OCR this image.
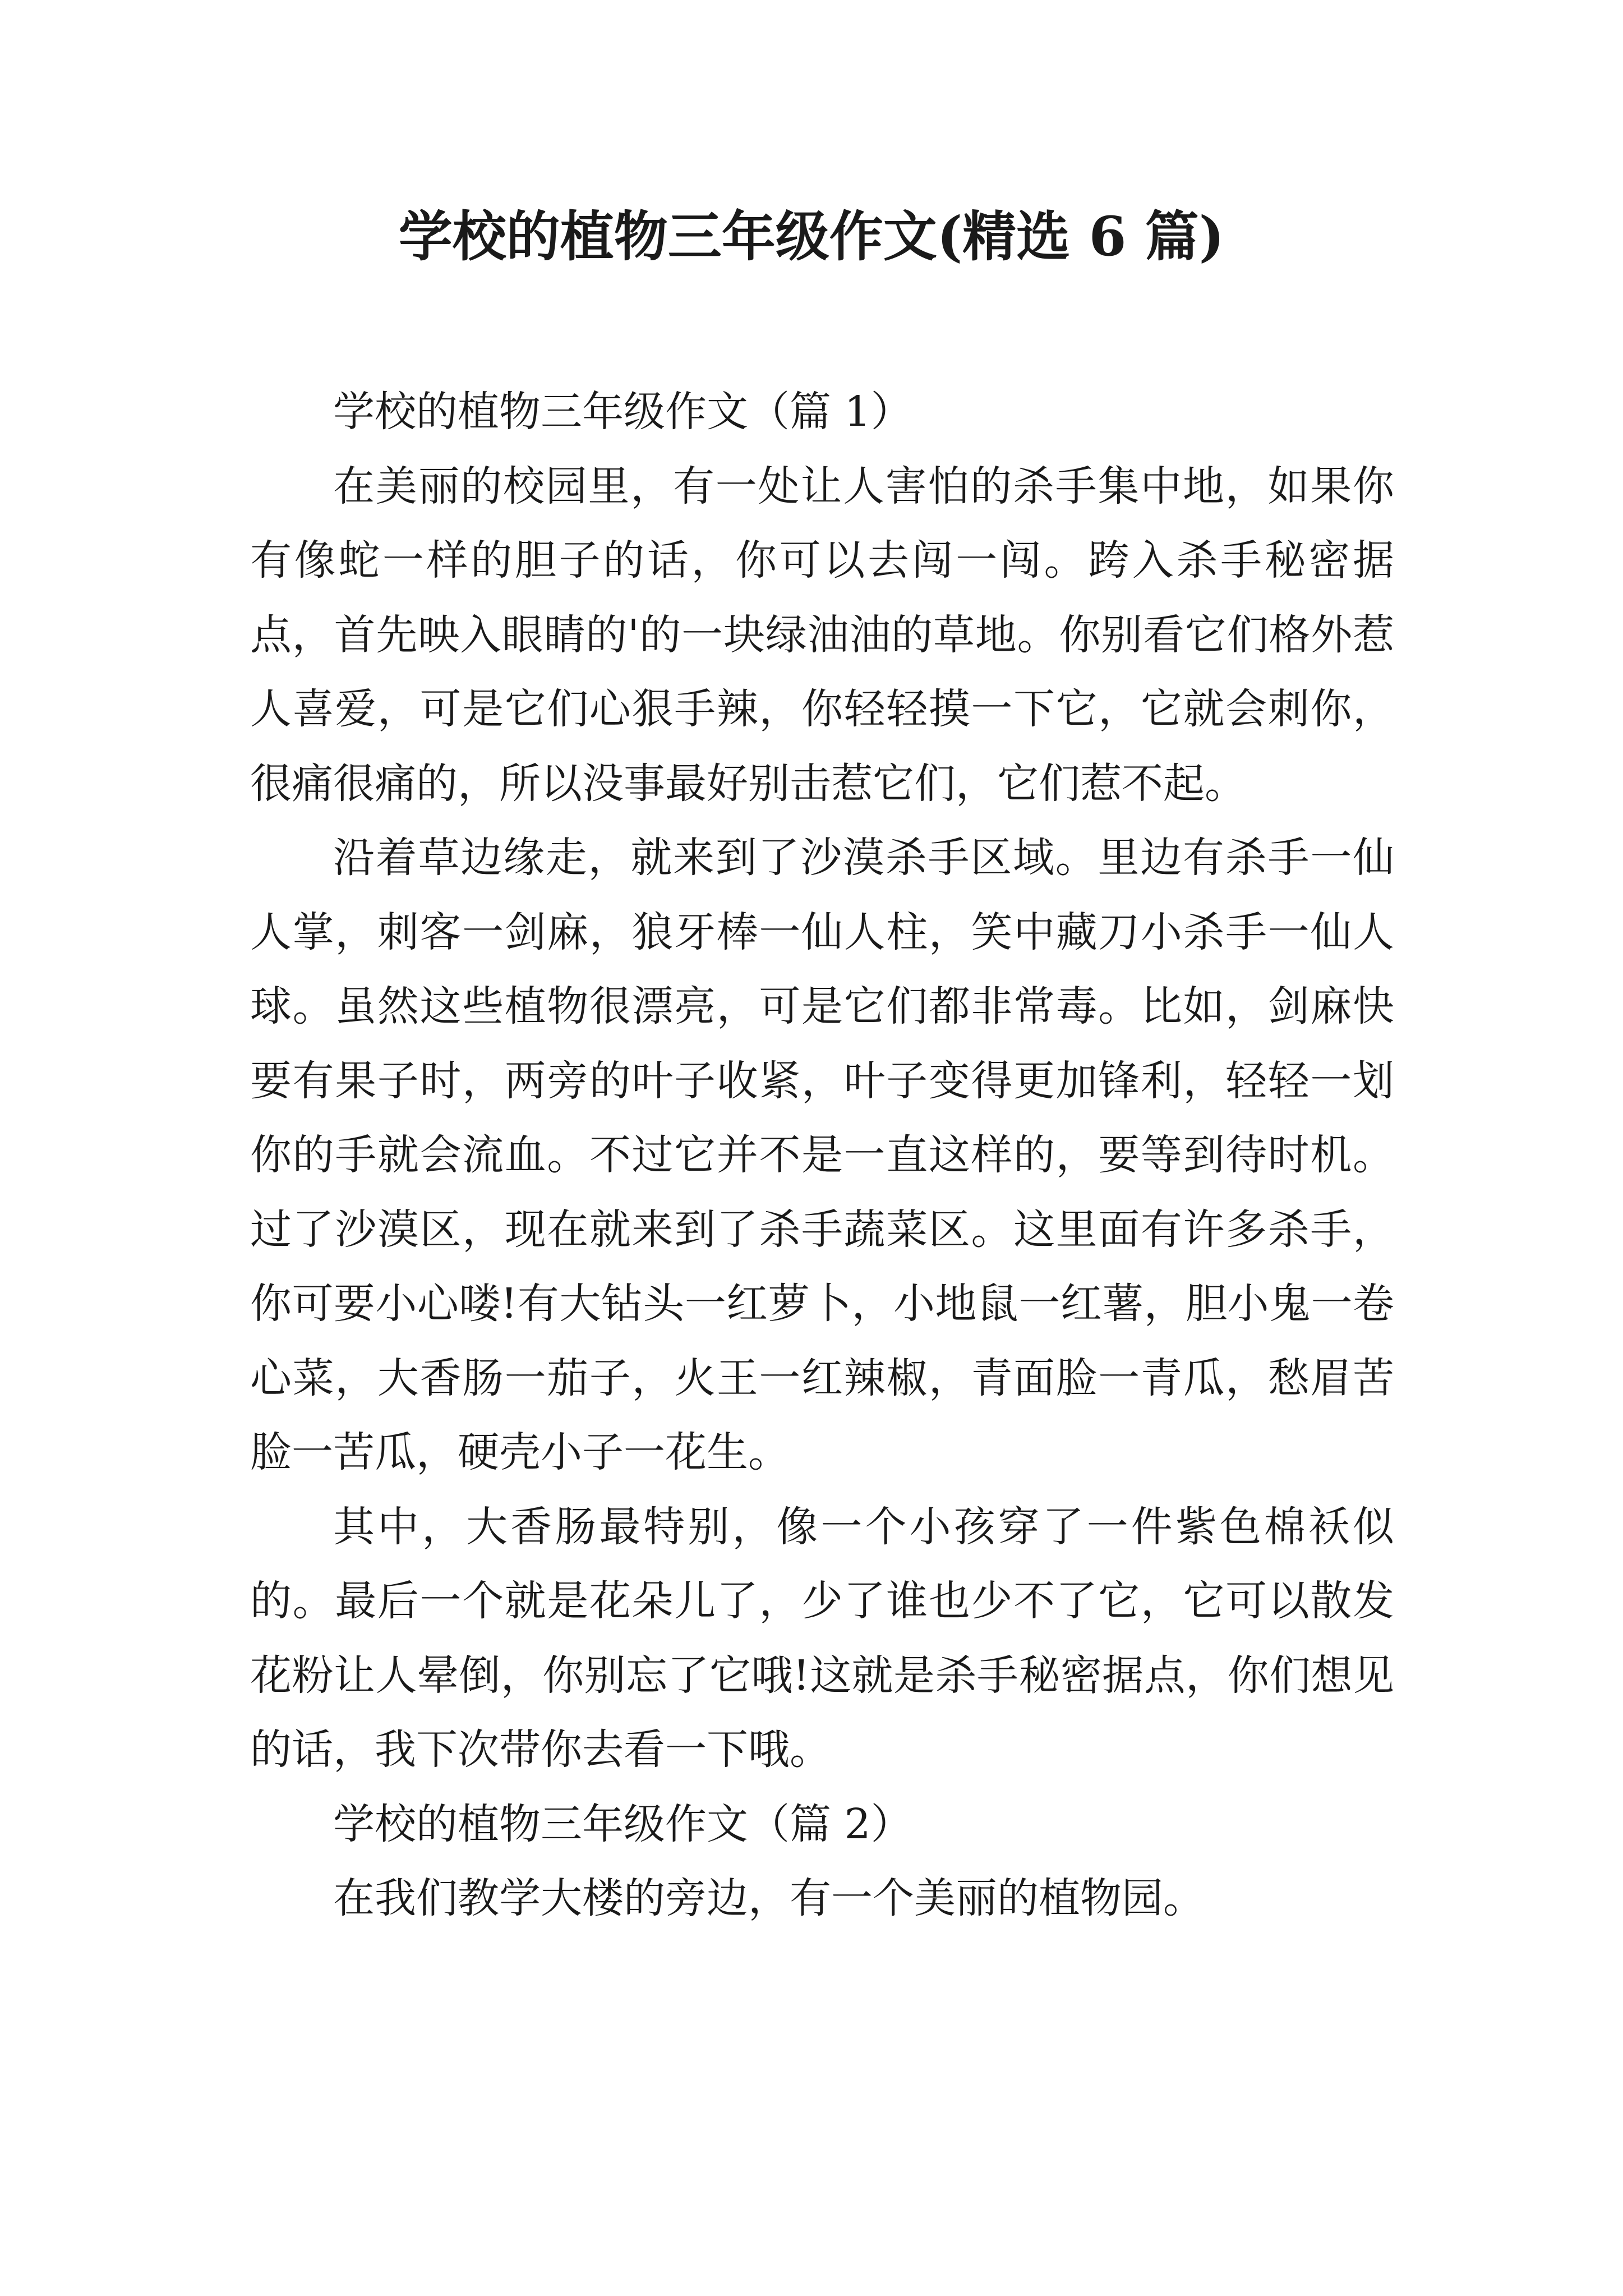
学校的植物三年级作文(精选 6 篇)

学校的植物三年级作文（篇 1）

在美丽的校园里，有一处让人害怕的杀手集中地，如果你有像蛇一样的胆子的话，你可以去闯一闯。跨入杀手秘密据点，首先映入眼睛的'的一块绿油油的草地。你别看它们格外惹人喜爱，可是它们心狠手辣，你轻轻摸一下它，它就会刺你，很痛很痛的，所以没事最好别击惹它们，它们惹不起。

沿着草边缘走，就来到了沙漠杀手区域。里边有杀手一仙人掌，刺客一剑麻，狼牙棒一仙人柱，笑中藏刀小杀手一仙人球。虽然这些植物很漂亮，可是它们都非常毒。比如，剑麻快要有果子时，两旁的叶子收紧，叶子变得更加锋利，轻轻一划你的手就会流血。不过它并不是一直这样的，要等到待时机。过了沙漠区，现在就来到了杀手蔬菜区。这里面有许多杀手，你可要小心喽!有大钻头一红萝卜，小地鼠一红薯，胆小鬼一卷心菜，大香肠一茄子，火王一红辣椒，青面脸一青瓜，愁眉苦脸一苦瓜，硬壳小子一花生。

其中，大香肠最特别，像一个小孩穿了一件紫色棉袄似的。最后一个就是花朵儿了，少了谁也少不了它，它可以散发花粉让人晕倒，你别忘了它哦!这就是杀手秘密据点，你们想见的话，我下次带你去看一下哦。

学校的植物三年级作文（篇 2）

在我们教学大楼的旁边，有一个美丽的植物园。
